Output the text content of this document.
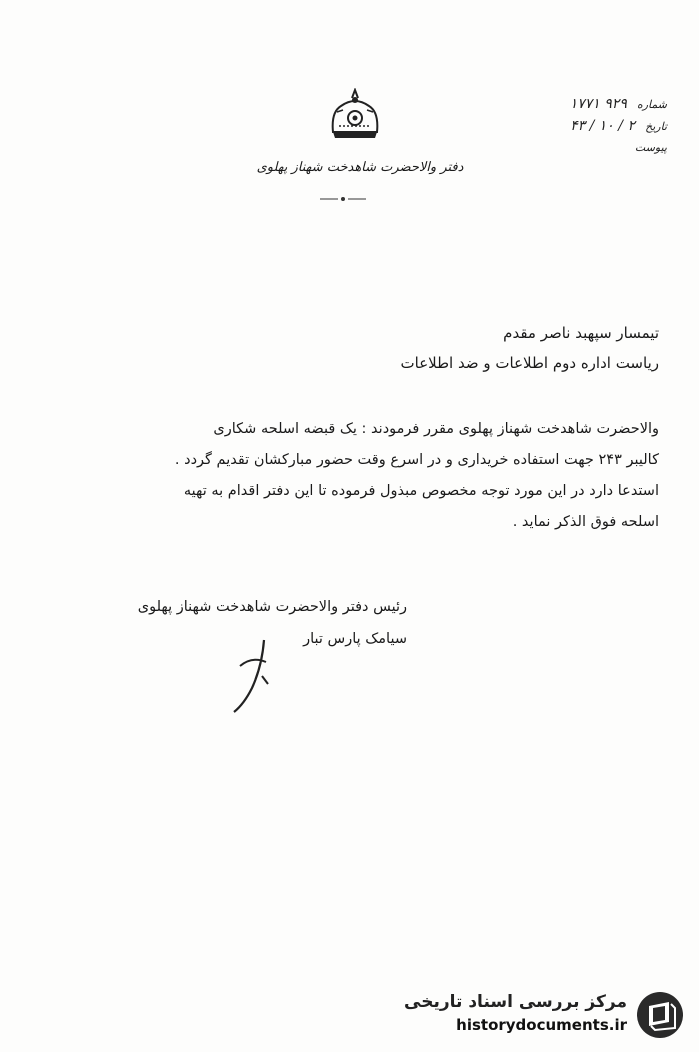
دفتر والاحضرت شاهدخت شهناز پهلوی
شماره ۹۲۹ ۱۷۷۱
تاریخ ۲ / ۱۰ / ۴۳
پیوست
تیمسار سپهبد ناصر مقدم
ریاست اداره دوم اطلاعات و ضد اطلاعات

والاحضرت شاهدخت شهناز پهلوی مقرر فرمودند : یک قبضه اسلحه شکاری

کالیبر ۲۴۳ جهت استفاده خریداری و در اسرع وقت حضور مبارکشان تقدیم گردد .

استدعا دارد در این مورد توجه مخصوص مبذول فرموده تا این دفتر اقدام به تهیه

اسلحه فوق الذکر نماید .

رئیس دفتر والاحضرت شاهدخت شهناز پهلوی
سیامک پارس تبار
مرکز بررسی اسناد تاریخی
historydocuments.ir
